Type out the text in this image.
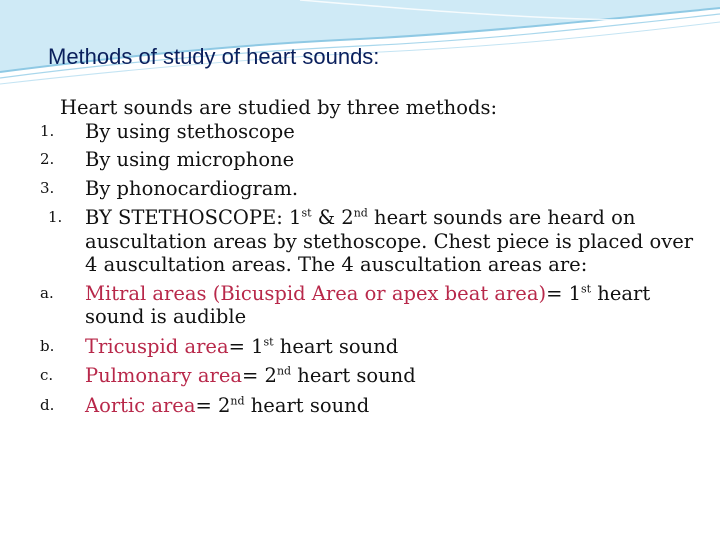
Methods of study of heart sounds:
Heart sounds are studied by three methods:
1. By using stethoscope
2. By using microphone
3. By phonocardiogram.
1. BY STETHOSCOPE: 1st & 2nd heart sounds are heard on auscultation areas by stethoscope. Chest piece is placed over 4 auscultation areas. The 4 auscultation areas are:
a. Mitral areas (Bicuspid Area or apex beat area)= 1st heart sound is audible
b. Tricuspid area= 1st heart sound
c. Pulmonary area= 2nd heart sound
d. Aortic area= 2nd heart sound
